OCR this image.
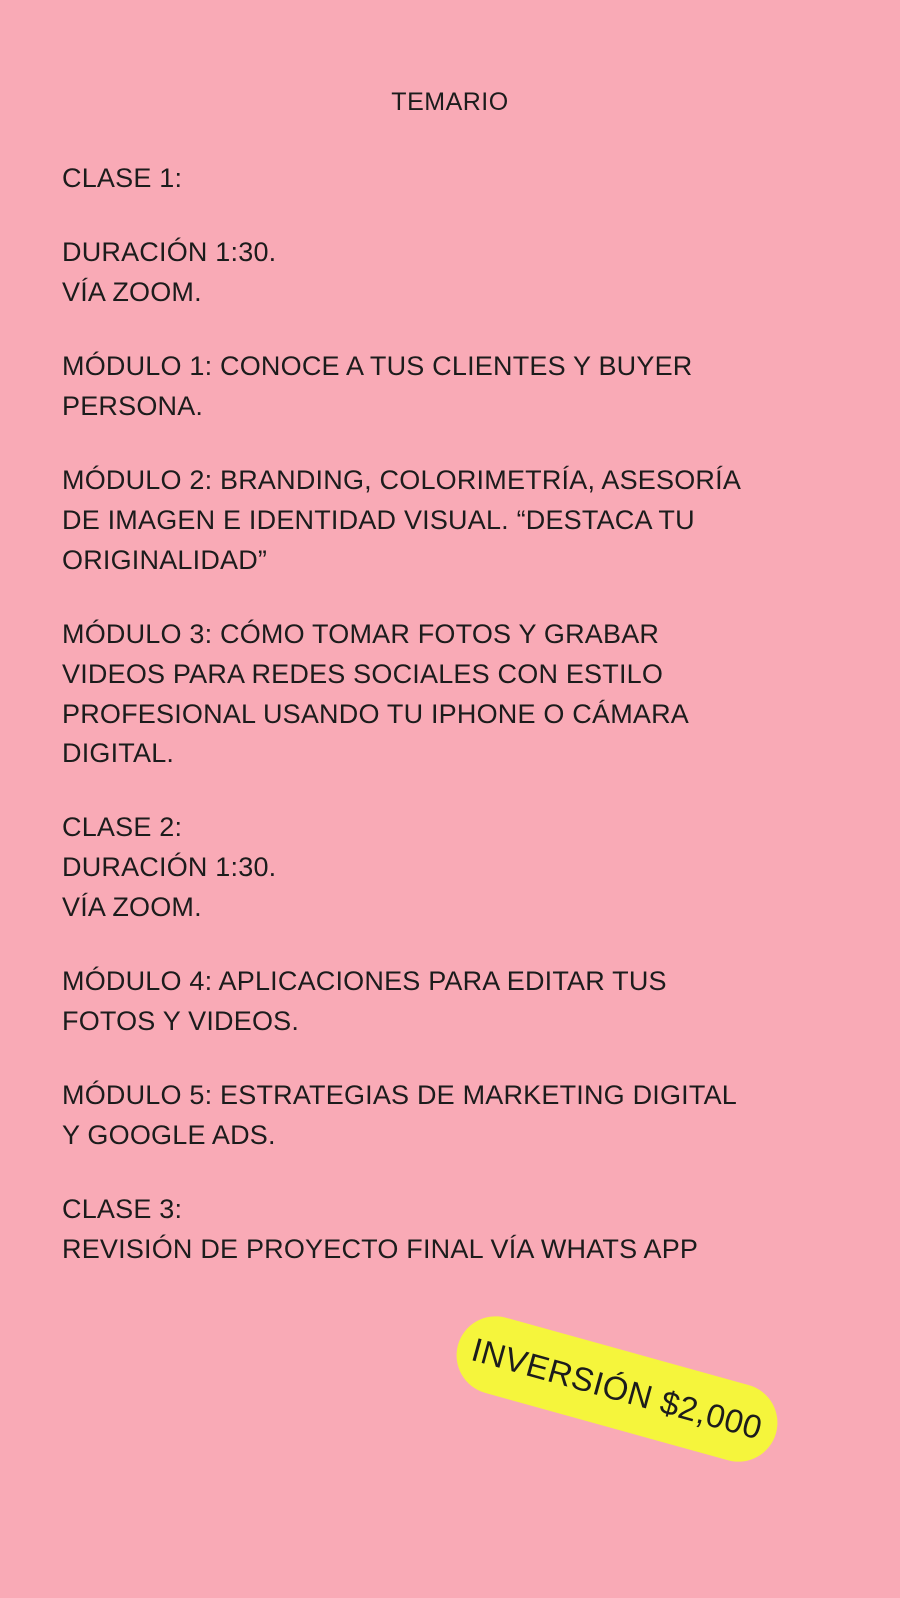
TEMARIO

CLASE 1:

DURACIÓN 1:30.
VÍA ZOOM.

MÓDULO 1: CONOCE A TUS CLIENTES Y BUYER
PERSONA.

MÓDULO 2: BRANDING, COLORIMETRÍA, ASESORÍA
DE IMAGEN E IDENTIDAD VISUAL. “DESTACA TU
ORIGINALIDAD”

MÓDULO 3: CÓMO TOMAR FOTOS Y GRABAR
VIDEOS PARA REDES SOCIALES CON ESTILO
PROFESIONAL USANDO TU IPHONE O CÁMARA
DIGITAL.

CLASE 2:
DURACIÓN 1:30.
VÍA ZOOM.

MÓDULO 4: APLICACIONES PARA EDITAR TUS
FOTOS Y VIDEOS.

MÓDULO 5: ESTRATEGIAS DE MARKETING DIGITAL
Y GOOGLE ADS.

CLASE 3:
REVISIÓN DE PROYECTO FINAL VÍA WHATS APP

INVERSIÓN $2,000
